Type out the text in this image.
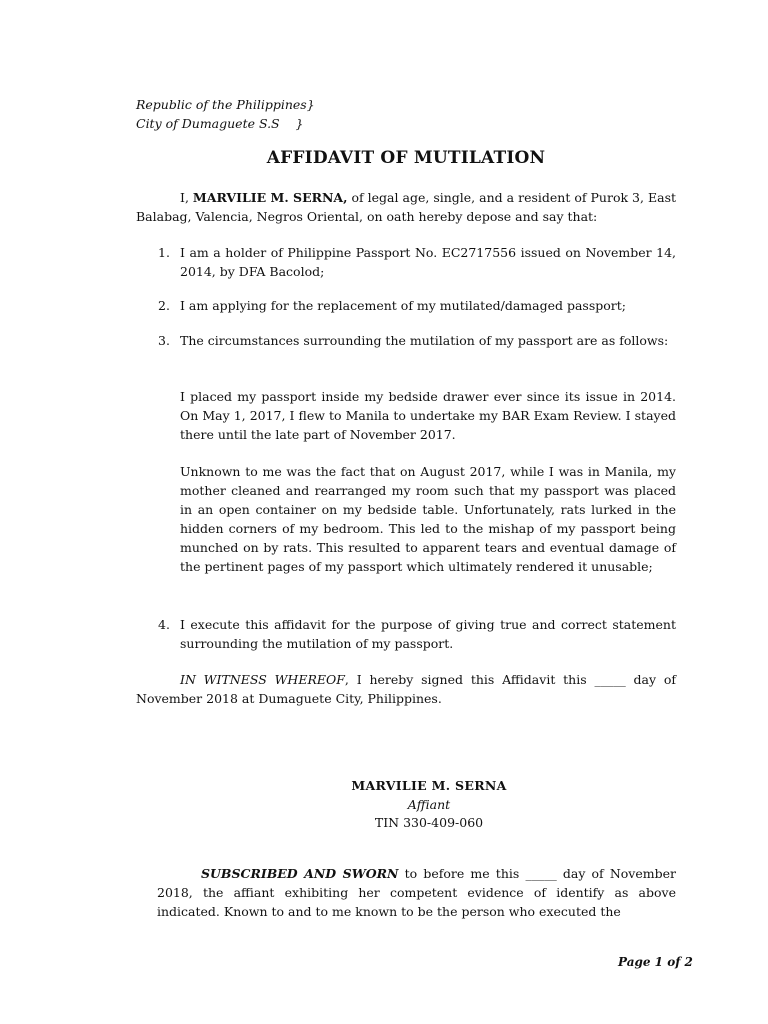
Republic of the Philippines}
City of Dumaguete S.S    }
AFFIDAVIT OF MUTILATION
I, MARVILIE M. SERNA, of legal age, single, and a resident of Purok 3, East Balabag, Valencia, Negros Oriental, on oath hereby depose and say that:
1. I am a holder of Philippine Passport No. EC2717556 issued on November 14, 2014, by DFA Bacolod;
2. I am applying for the replacement of my mutilated/damaged passport;
3. The circumstances surrounding the mutilation of my passport are as follows:
I placed my passport inside my bedside drawer ever since its issue in 2014. On May 1, 2017, I flew to Manila to undertake my BAR Exam Review. I stayed there until the late part of November 2017.
Unknown to me was the fact that on August 2017, while I was in Manila, my mother cleaned and rearranged my room such that my passport was placed in an open container on my bedside table. Unfortunately, rats lurked in the hidden corners of my bedroom. This led to the mishap of my passport being munched on by rats. This resulted to apparent tears and eventual damage of the pertinent pages of my passport which ultimately rendered it unusable;
4. I execute this affidavit for the purpose of giving true and correct statement surrounding the mutilation of my passport.
IN WITNESS WHEREOF, I hereby signed this Affidavit this _____ day of November 2018 at Dumaguete City, Philippines.
MARVILIE M. SERNA
Affiant
TIN 330-409-060
SUBSCRIBED AND SWORN to before me this _____ day of November 2018, the affiant exhibiting her competent evidence of identify as above indicated. Known to and to me known to be the person who executed the
Page 1 of 2
